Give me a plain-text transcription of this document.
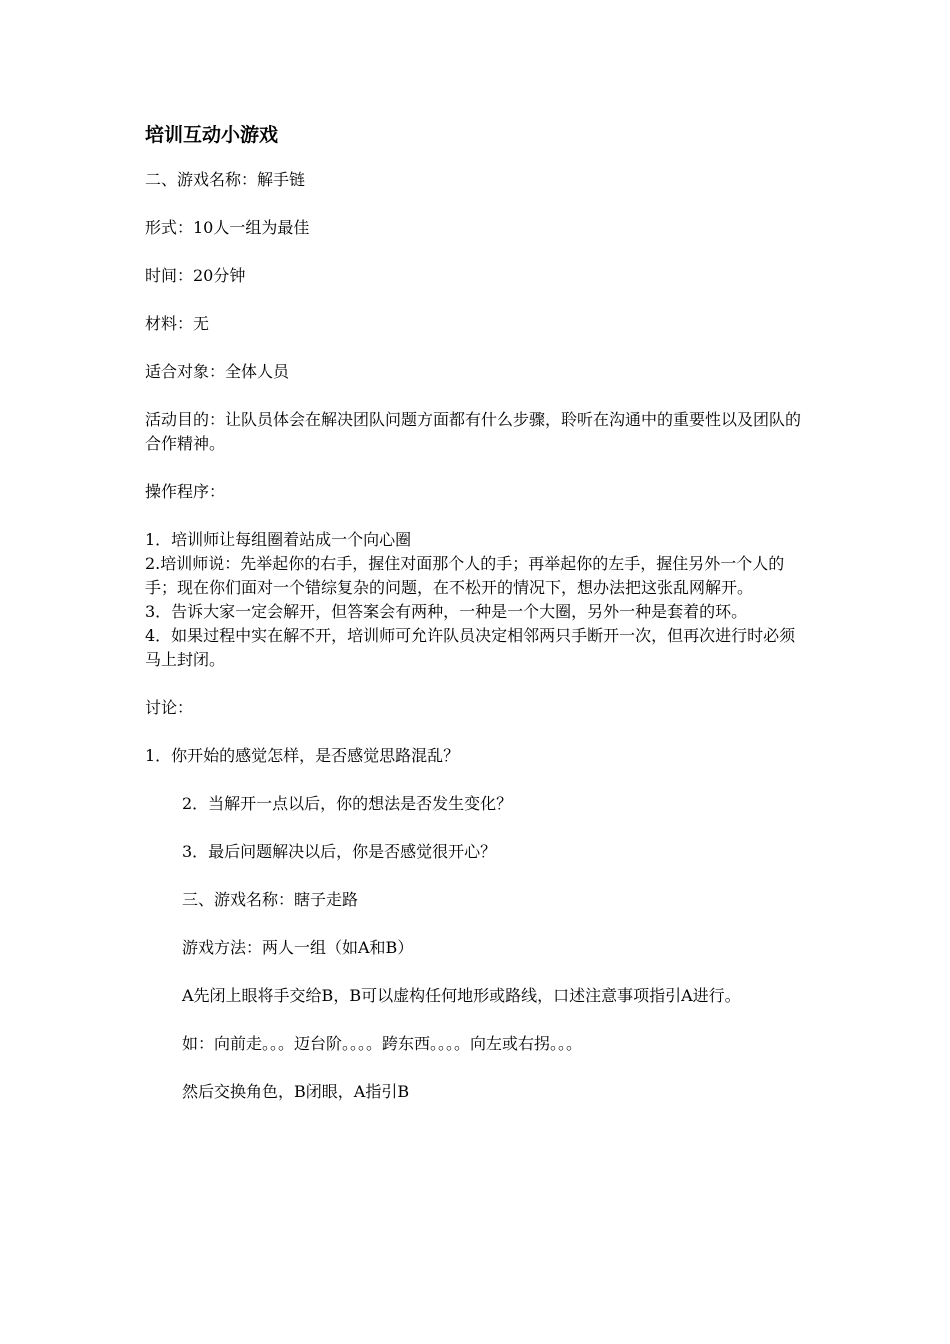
培训互动小游戏

二、游戏名称：解手链

形式：10人一组为最佳

时间：20分钟

材料：无

适合对象：全体人员

活动目的：让队员体会在解决团队问题方面都有什么步骤，聆听在沟通中的重要性以及团队的合作精神。

操作程序：

1．培训师让每组圈着站成一个向心圈

2.培训师说：先举起你的右手，握住对面那个人的手；再举起你的左手，握住另外一个人的手；现在你们面对一个错综复杂的问题，在不松开的情况下，想办法把这张乱网解开。

3．告诉大家一定会解开，但答案会有两种，一种是一个大圈，另外一种是套着的环。

4．如果过程中实在解不开，培训师可允许队员决定相邻两只手断开一次，但再次进行时必须马上封闭。

讨论：

1．你开始的感觉怎样，是否感觉思路混乱？

2．当解开一点以后，你的想法是否发生变化？

3．最后问题解决以后，你是否感觉很开心？

三、游戏名称：瞎子走路

游戏方法：两人一组（如A和B）

A先闭上眼将手交给B，B可以虚构任何地形或路线，口述注意事项指引A进行。

如：向前走。。。迈台阶。。。。跨东西。。。。向左或右拐。。。

然后交换角色，B闭眼，A指引B
